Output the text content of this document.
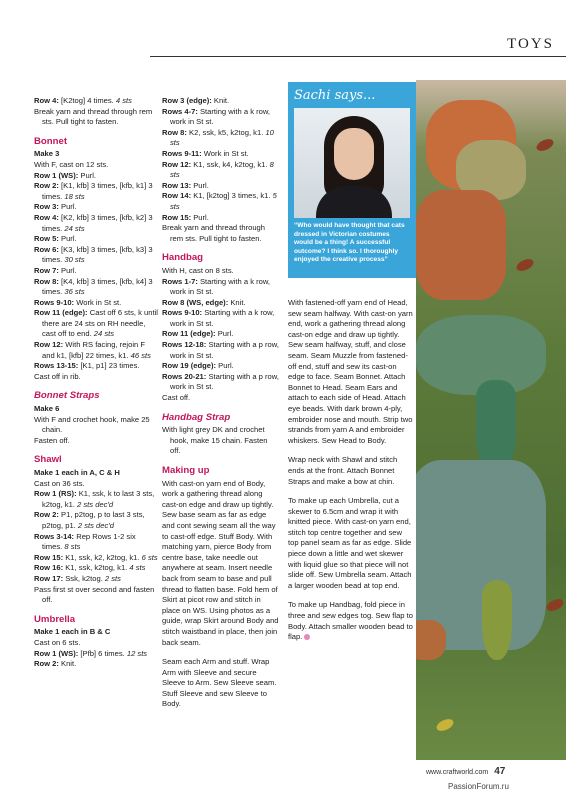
TOYS
Row 4: [K2tog] 4 times. 4 sts
Break yarn and thread through rem sts. Pull tight to fasten.
Bonnet
Make 3
With F, cast on 12 sts.
Row 1 (WS): Purl.
Row 2: [K1, kfb] 3 times, [kfb, k1] 3 times. 18 sts
Row 3: Purl.
Row 4: [K2, kfb] 3 times, [kfb, k2] 3 times. 24 sts
Row 5: Purl.
Row 6: [K3, kfb] 3 times, [kfb, k3] 3 times. 30 sts
Row 7: Purl.
Row 8: [K4, kfb] 3 times, [kfb, k4] 3 times. 36 sts
Rows 9-10: Work in St st.
Row 11 (edge): Cast off 6 sts, k until there are 24 sts on RH needle, cast off to end. 24 sts
Row 12: With RS facing, rejoin F and k1, [kfb] 22 times, k1. 46 sts
Rows 13-15: [K1, p1] 23 times.
Cast off in rib.
Bonnet Straps
Make 6
With F and crochet hook, make 25 chain.
Fasten off.
Shawl
Make 1 each in A, C & H
Cast on 36 sts.
Row 1 (RS): K1, ssk, k to last 3 sts, k2tog, k1. 2 sts dec'd
Row 2: P1, p2tog, p to last 3 sts, p2tog, p1. 2 sts dec'd
Rows 3-14: Rep Rows 1-2 six times. 8 sts
Row 15: K1, ssk, k2, k2tog, k1. 6 sts
Row 16: K1, ssk, k2tog, k1. 4 sts
Row 17: Ssk, k2tog. 2 sts
Pass first st over second and fasten off.
Umbrella
Make 1 each in B & C
Cast on 6 sts.
Row 1 (WS): [Pfb] 6 times. 12 sts
Row 2: Knit.
Row 3 (edge): Knit.
Rows 4-7: Starting with a k row, work in St st.
Row 8: K2, ssk, k5, k2tog, k1. 10 sts
Rows 9-11: Work in St st.
Row 12: K1, ssk, k4, k2tog, k1. 8 sts
Row 13: Purl.
Row 14: K1, [k2tog] 3 times, k1. 5 sts
Row 15: Purl.
Break yarn and thread through rem sts. Pull tight to fasten.
Handbag
With H, cast on 8 sts.
Rows 1-7: Starting with a k row, work in St st.
Row 8 (WS, edge): Knit.
Rows 9-10: Starting with a k row, work in St st.
Row 11 (edge): Purl.
Rows 12-18: Starting with a p row, work in St st.
Row 19 (edge): Purl.
Rows 20-21: Starting with a p row, work in St st.
Cast off.
Handbag Strap
With light grey DK and crochet hook, make 15 chain. Fasten off.
Making up
With cast-on yarn end of Body, work a gathering thread along cast-on edge and draw up tightly. Sew base seam as far as edge and cont sewing seam all the way to cast-off edge. Stuff Body. With matching yarn, pierce Body from centre base, take needle out anywhere at seam. Insert needle back from seam to base and pull thread to flatten base. Fold hem of Skirt at picot row and stitch in place on WS. Using photos as a guide, wrap Skirt around Body and stitch waistband in place, then join back seam.
Seam each Arm and stuff. Wrap Arm with Sleeve and secure Sleeve to Arm. Sew Sleeve seam. Stuff Sleeve and sew Sleeve to Body.
Sachi says...
“Who would have thought that cats dressed in Victorian costumes would be a thing! A successful outcome? I think so. I thoroughly enjoyed the creative process”
With fastened-off yarn end of Head, sew seam halfway. With cast-on yarn end, work a gathering thread along cast-on edge and draw up tightly. Sew seam halfway, stuff, and close seam. Seam Muzzle from fastened-off end, stuff and sew its cast-on edge to face. Seam Bonnet. Attach Bonnet to Head. Seam Ears and attach to each side of Head. Attach eye beads. With dark brown 4-ply, embroider nose and mouth. Strip two strands from yarn A and embroider whiskers. Sew Head to Body.
Wrap neck with Shawl and stitch ends at the front. Attach Bonnet Straps and make a bow at chin.
To make up each Umbrella, cut a skewer to 6.5cm and wrap it with knitted piece. With cast-on yarn end, stitch top centre together and sew top panel seam as far as edge. Slide piece down a little and wet skewer with liquid glue so that piece will not slide off. Sew Umbrella seam. Attach a larger wooden bead at top end.
To make up Handbag, fold piece in three and sew edges tog. Sew flap to Body. Attach smaller wooden bead to flap.
www.craftworld.com 47
PassionForum.ru
